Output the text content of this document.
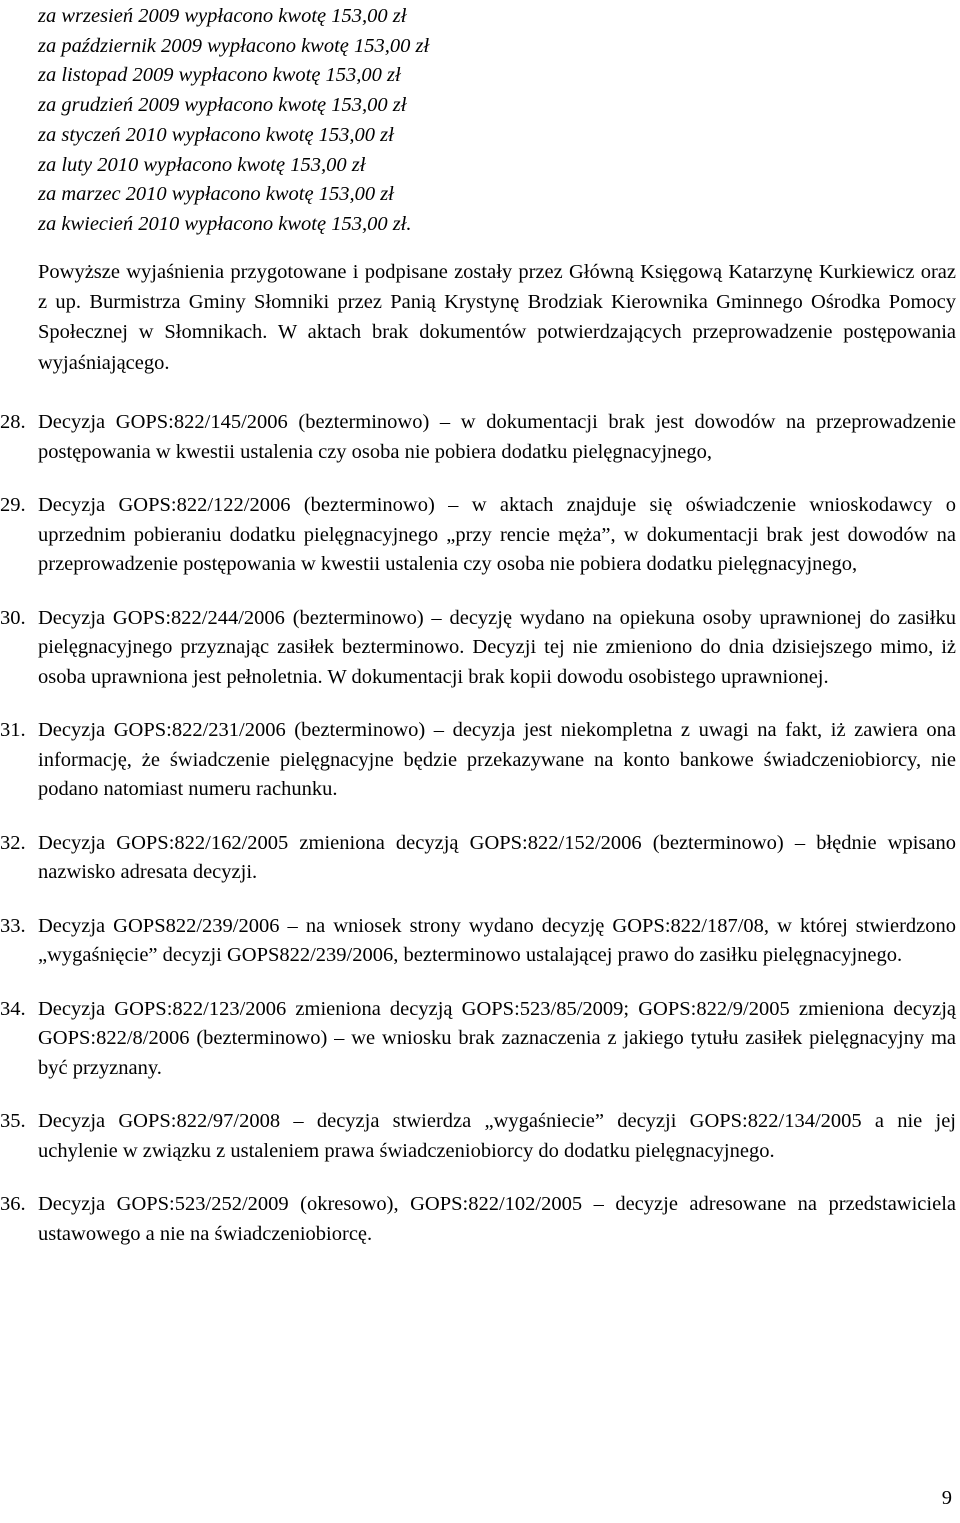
za wrzesień 2009 wypłacono kwotę 153,00 zł
za październik 2009 wypłacono kwotę 153,00 zł
za listopad 2009 wypłacono kwotę 153,00 zł
za grudzień 2009 wypłacono kwotę 153,00 zł
za styczeń 2010 wypłacono kwotę 153,00 zł
za luty 2010 wypłacono kwotę 153,00 zł
za marzec 2010 wypłacono kwotę 153,00 zł
za kwiecień 2010 wypłacono kwotę 153,00 zł.

Powyższe wyjaśnienia przygotowane i podpisane zostały przez Główną Księgową Katarzynę Kurkiewicz oraz z up. Burmistrza Gminy Słomniki przez Panią Krystynę Brodziak Kierownika Gminnego Ośrodka Pomocy Społecznej w Słomnikach. W aktach brak dokumentów potwierdzających przeprowadzenie postępowania wyjaśniającego.

28. Decyzja GOPS:822/145/2006 (bezterminowo) – w dokumentacji brak jest dowodów na przeprowadzenie postępowania w kwestii ustalenia czy osoba nie pobiera dodatku pielęgnacyjnego,
29. Decyzja GOPS:822/122/2006 (bezterminowo) – w aktach znajduje się oświadczenie wnioskodawcy o uprzednim pobieraniu dodatku pielęgnacyjnego „przy rencie męża”, w dokumentacji brak jest dowodów na przeprowadzenie postępowania w kwestii ustalenia czy osoba nie pobiera dodatku pielęgnacyjnego,
30. Decyzja GOPS:822/244/2006 (bezterminowo) – decyzję wydano na opiekuna osoby uprawnionej do zasiłku pielęgnacyjnego przyznając zasiłek bezterminowo. Decyzji tej nie zmieniono do dnia dzisiejszego mimo, iż osoba uprawniona jest pełnoletnia. W dokumentacji brak kopii dowodu osobistego uprawnionej.
31. Decyzja GOPS:822/231/2006 (bezterminowo) – decyzja jest niekompletna z uwagi na fakt, iż zawiera ona informację, że świadczenie pielęgnacyjne będzie przekazywane na konto bankowe świadczeniobiorcy, nie podano natomiast numeru rachunku.
32. Decyzja GOPS:822/162/2005 zmieniona decyzją GOPS:822/152/2006 (bezterminowo) – błędnie wpisano nazwisko adresata decyzji.
33. Decyzja GOPS822/239/2006 – na wniosek strony wydano decyzję GOPS:822/187/08, w której stwierdzono „wygaśnięcie” decyzji GOPS822/239/2006, bezterminowo ustalającej prawo do zasiłku pielęgnacyjnego.
34. Decyzja GOPS:822/123/2006 zmieniona decyzją GOPS:523/85/2009; GOPS:822/9/2005 zmieniona decyzją GOPS:822/8/2006 (bezterminowo) – we wniosku brak zaznaczenia z jakiego tytułu zasiłek pielęgnacyjny ma być przyznany.
35. Decyzja GOPS:822/97/2008 – decyzja stwierdza „wygaśniecie” decyzji GOPS:822/134/2005 a nie jej uchylenie w związku z ustaleniem prawa świadczeniobiorcy do dodatku pielęgnacyjnego.
36. Decyzja GOPS:523/252/2009 (okresowo), GOPS:822/102/2005 – decyzje adresowane na przedstawiciela ustawowego a nie na świadczeniobiorcę.
9
